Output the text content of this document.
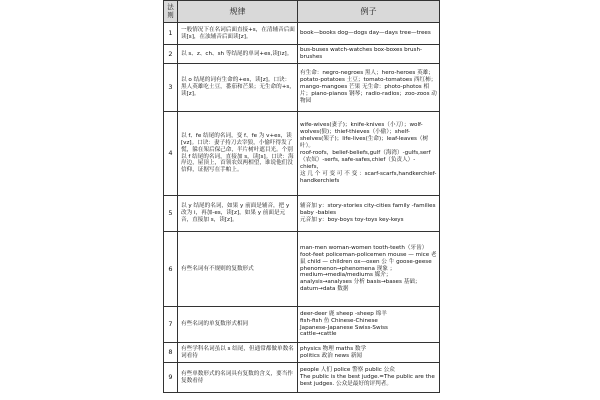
法
则	规律	例子
1	一般情况下在名词后面直接+s，在清辅音后面读[s]，在浊辅音后面读[z]。	book—books dog—dogs day—days tree—trees
2	以 s、z、ch、sh 等结尾的单词+es,读[iz]。	bus-buses watch-watches box-boxes brush-brushes
3	以 o 结尾的词有生命的+es，读[z]。口诀：黑人英雄吃土豆，番茄和芒果；无生命的+s，读[z]。	有生命：negro-negroes 黑人；hero-heroes 英雄；potato-potatoes 土豆；tomato-tomatoes 西红柿；mango-mangoes 芒果 无生命：photo-photos 相片；piano-pianos 钢琴；radio-radios；zoo-zoos 动物园
4	以 f、fe 结尾的名词，变 f、fe 为 v+es，读[vz]。口诀：妻子持刀去宰狼，小偷吓得发了慌，躲在架后保己命，半片树叶遮目光。个别以 f 结尾的名词，直接加 s，读[s]。口诀：海岸边，屋顶上，首领农奴两相望，谁说他们没信仰，证据写在手帕上。	wife-wives(妻子)；knife-knives（小刀）；wolf-wolves(狼)；thief-thieves（小偷）；shelf-shelves(架子)；life-lives(生命)；leaf-leaves（树叶）。
roof-roofs，belief-beliefs,gulf（海湾）-gulfs,serf（农奴）-serfs, safe-safes,chief（负责人）-chiefs，
这 几 个 可 变 可 不 变 ：scarf-scarfs,handkerchief- handkerchiefs
5	以 y 结尾的名词，如果 y 前面是辅音，把 y 改为 i，再加-es，读[z]，如果 y 前面是元音，直接加 s，读[z]。	辅音加 y：story-stories city-cities family -families baby -babies
元音加 y：boy-boys toy-toys key-keys
6	有些名词有不规则的复数形式	man-men woman-women tooth-teeth（牙齿） foot-feet policeman-policemen mouse — mice 老 鼠 child — children ox—oxen 公 牛 goose-geese
phenomenon→phenomena 现象 ；medium→media/mediums 媒介；analysis→analyses 分析 basis→bases 基础；datum→data 数据
7	有些名词的单复数形式相同	deer-deer 鹿 sheep -sheep 绵羊
fish-fish 鱼 Chinese-Chinese
Japanese-Japanese Swiss-Swiss
cattle→cattle
8	有些学科名词虽以 s 结尾，但通常都做单数名词看待	physics 物理 maths 数学
politics 政治 news 新闻
9	有些单数形式的名词具有复数的含义，要当作复数看待	people 人们 police 警察 public 公众
The public is the best judge.=The public are the best judges. 公众是最好的评判者。
